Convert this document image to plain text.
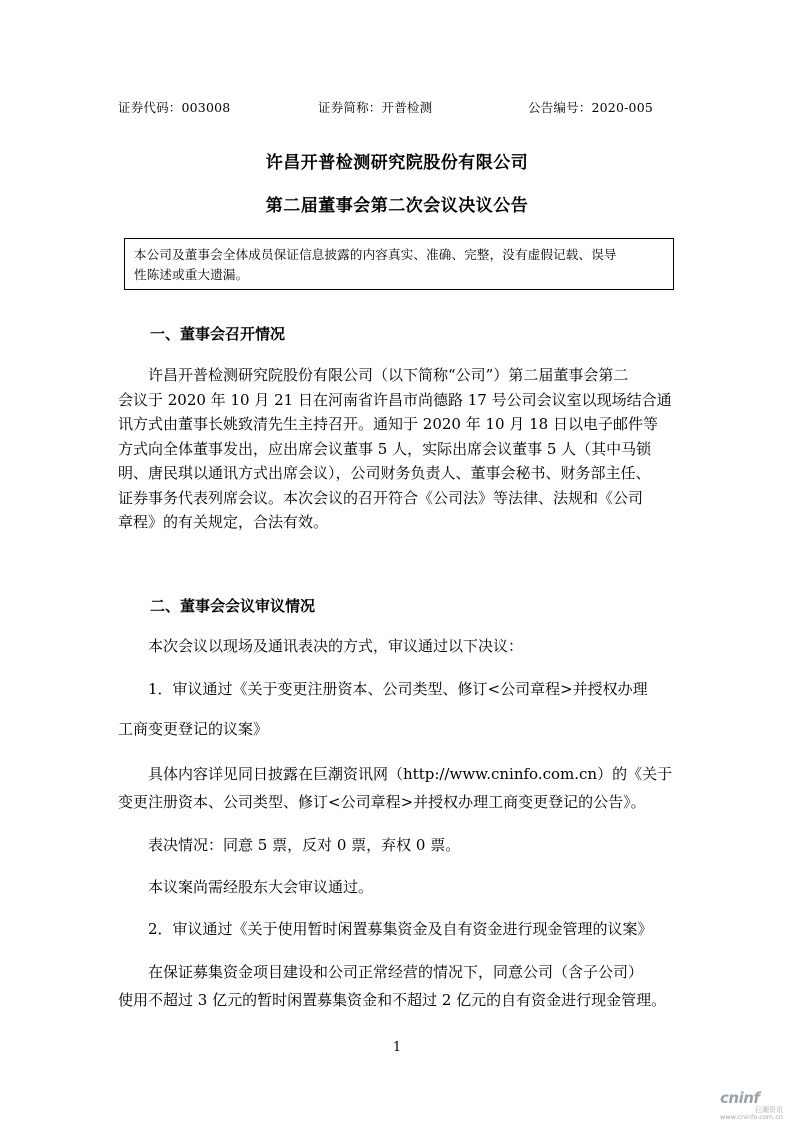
证券代码：003008	证券简称：开普检测	公告编号：2020-005
许昌开普检测研究院股份有限公司
第二届董事会第二次会议决议公告
本公司及董事会全体成员保证信息披露的内容真实、准确、完整，没有虚假记载、误导
性陈述或重大遗漏。
一、董事会召开情况
许昌开普检测研究院股份有限公司（以下简称“公司”）第二届董事会第二
会议于 2020 年 10 月 21 日在河南省许昌市尚德路 17 号公司会议室以现场结合通
讯方式由董事长姚致清先生主持召开。通知于 2020 年 10 月 18 日以电子邮件等
方式向全体董事发出，应出席会议董事 5 人，实际出席会议董事 5 人（其中马锁
明、唐民琪以通讯方式出席会议），公司财务负责人、董事会秘书、财务部主任、
证券事务代表列席会议。本次会议的召开符合《公司法》等法律、法规和《公司
章程》的有关规定，合法有效。
二、董事会会议审议情况
本次会议以现场及通讯表决的方式，审议通过以下决议：
1．审议通过《关于变更注册资本、公司类型、修订<公司章程>并授权办理
工商变更登记的议案》
具体内容详见同日披露在巨潮资讯网（http://www.cninfo.com.cn）的《关于
变更注册资本、公司类型、修订<公司章程>并授权办理工商变更登记的公告》。
表决情况：同意 5 票，反对 0 票，弃权 0 票。
本议案尚需经股东大会审议通过。
2．审议通过《关于使用暂时闲置募集资金及自有资金进行现金管理的议案》
在保证募集资金项目建设和公司正常经营的情况下，同意公司（含子公司）
使用不超过 3 亿元的暂时闲置募集资金和不超过 2 亿元的自有资金进行现金管理。
1
cninf
巨潮资讯
www.cninfo.com.cn
